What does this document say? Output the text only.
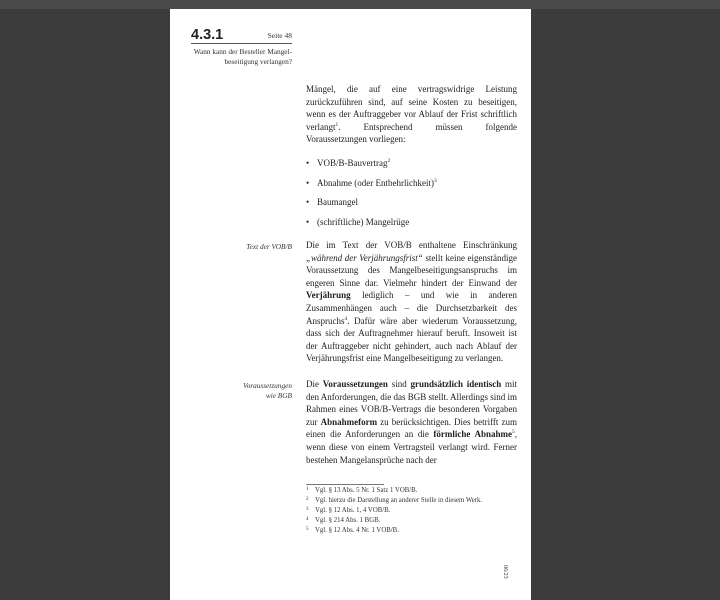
4.3.1	Seite 48
Wann kann der Besteller Mangel-
beseitigung verlangen?
Mängel, die auf eine vertragswidrige Leistung zurückzuführen sind, auf seine Kosten zu beseitigen, wenn es der Auftraggeber vor Ablauf der Frist schriftlich verlangt$^1$. Entsprechend müssen folgende Voraussetzungen vorliegen:
• VOB/B-Bauvertrag$^2$
• Abnahme (oder Entbehrlichkeit)$^3$
• Baumangel
• (schriftliche) Mangelrüge
Text der VOB/B Die im Text der VOB/B enthaltene Einschränkung „während der Verjährungsfrist“ stellt keine eigenständige Voraussetzung des Mangelbeseitigungsanspruchs im engeren Sinne dar. Vielmehr hindert der Einwand der Verjährung lediglich – und wie in anderen Zusammenhängen auch – die Durchsetzbarkeit des Anspruchs$^4$. Dafür wäre aber wiederum Voraussetzung, dass sich der Auftragnehmer hierauf beruft. Insoweit ist der Auftraggeber nicht gehindert, auch nach Ablauf der Verjährungsfrist eine Mangelbeseitigung zu verlangen.
Voraussetzungen
wie BGB
Die Voraussetzungen sind grundsätzlich identisch mit den Anforderungen, die das BGB stellt. Allerdings sind im Rahmen eines VOB/B-Vertrags die besonderen Vorgaben zur Abnahmeform zu berücksichtigen. Dies betrifft zum einen die Anforderungen an die förmliche Abnahme$^5$, wenn diese von einem Vertragsteil verlangt wird. Ferner bestehen Mangelansprüche nach der
1 Vgl. § 13 Abs. 5 Nr. 1 Satz 1 VOB/B.
2 Vgl. hierzu die Darstellung an anderer Stelle in diesem Werk.
3 Vgl. § 12 Abs. 1, 4 VOB/B.
4 Vgl. § 214 Abs. 1 BGB.
5 Vgl. § 12 Abs. 4 Nr. 1 VOB/B.
06/23
